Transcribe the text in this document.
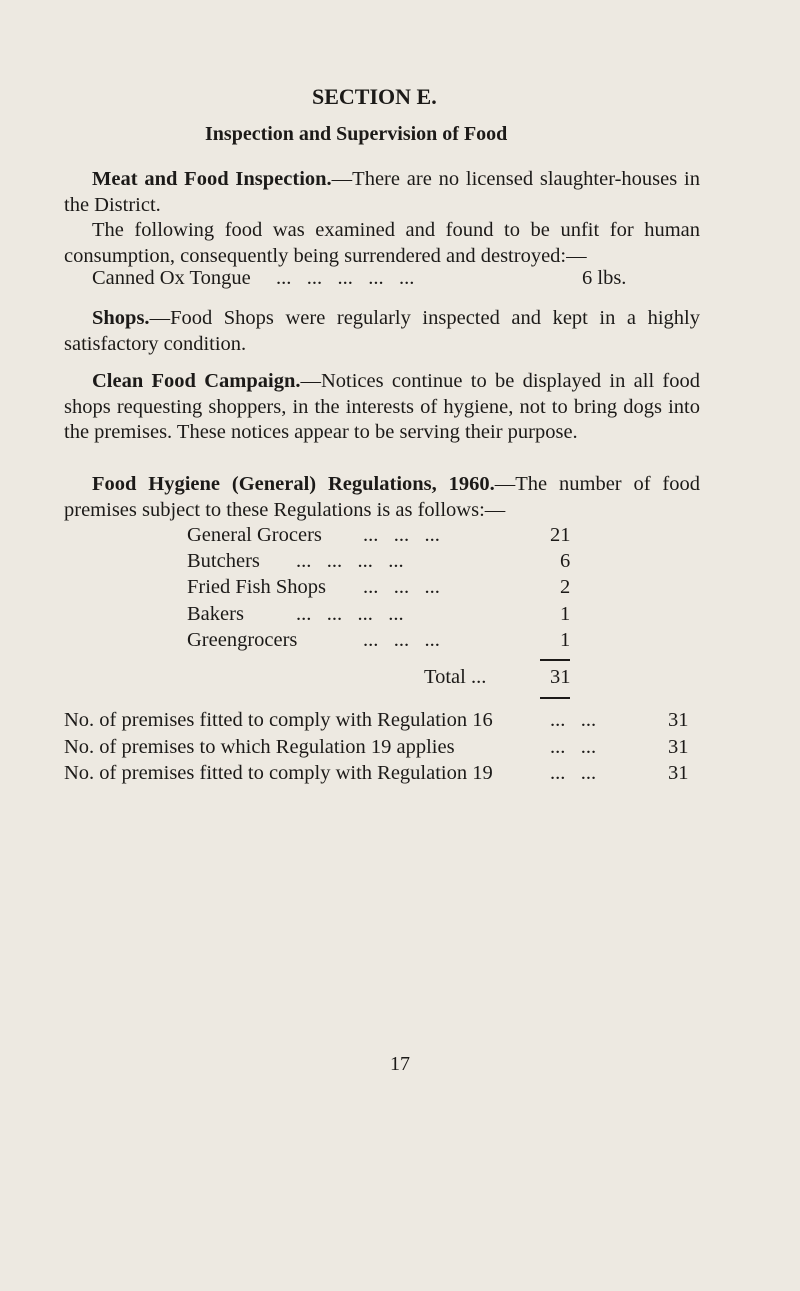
SECTION E.
Inspection and Supervision of Food
Meat and Food Inspection.—There are no licensed slaughter-houses in the District.
The following food was examined and found to be unfit for human consumption, consequently being surrendered and destroyed:—
Canned Ox Tongue ...   ...   ...   ...   ...	6 lbs.
Shops.—Food Shops were regularly inspected and kept in a highly satisfactory condition.
Clean Food Campaign.—Notices continue to be displayed in all food shops requesting shoppers, in the interests of hygiene, not to bring dogs into the premises. These notices appear to be serving their purpose.
Food Hygiene (General) Regulations, 1960.—The number of food premises subject to these Regulations is as follows:—
General Grocers ...   ...   ...	21
Butchers ...   ...   ...   ...	6
Fried Fish Shops ...   ...   ...	2
Bakers	...   ...   ...   ...	1
Greengrocers	...   ...   ...	1
Total ...	31
No. of premises fitted to comply with Regulation 16	...   ...	31
No. of premises to which Regulation 19 applies	...   ...	31
No. of premises fitted to comply with Regulation 19	...   ...	31
17
